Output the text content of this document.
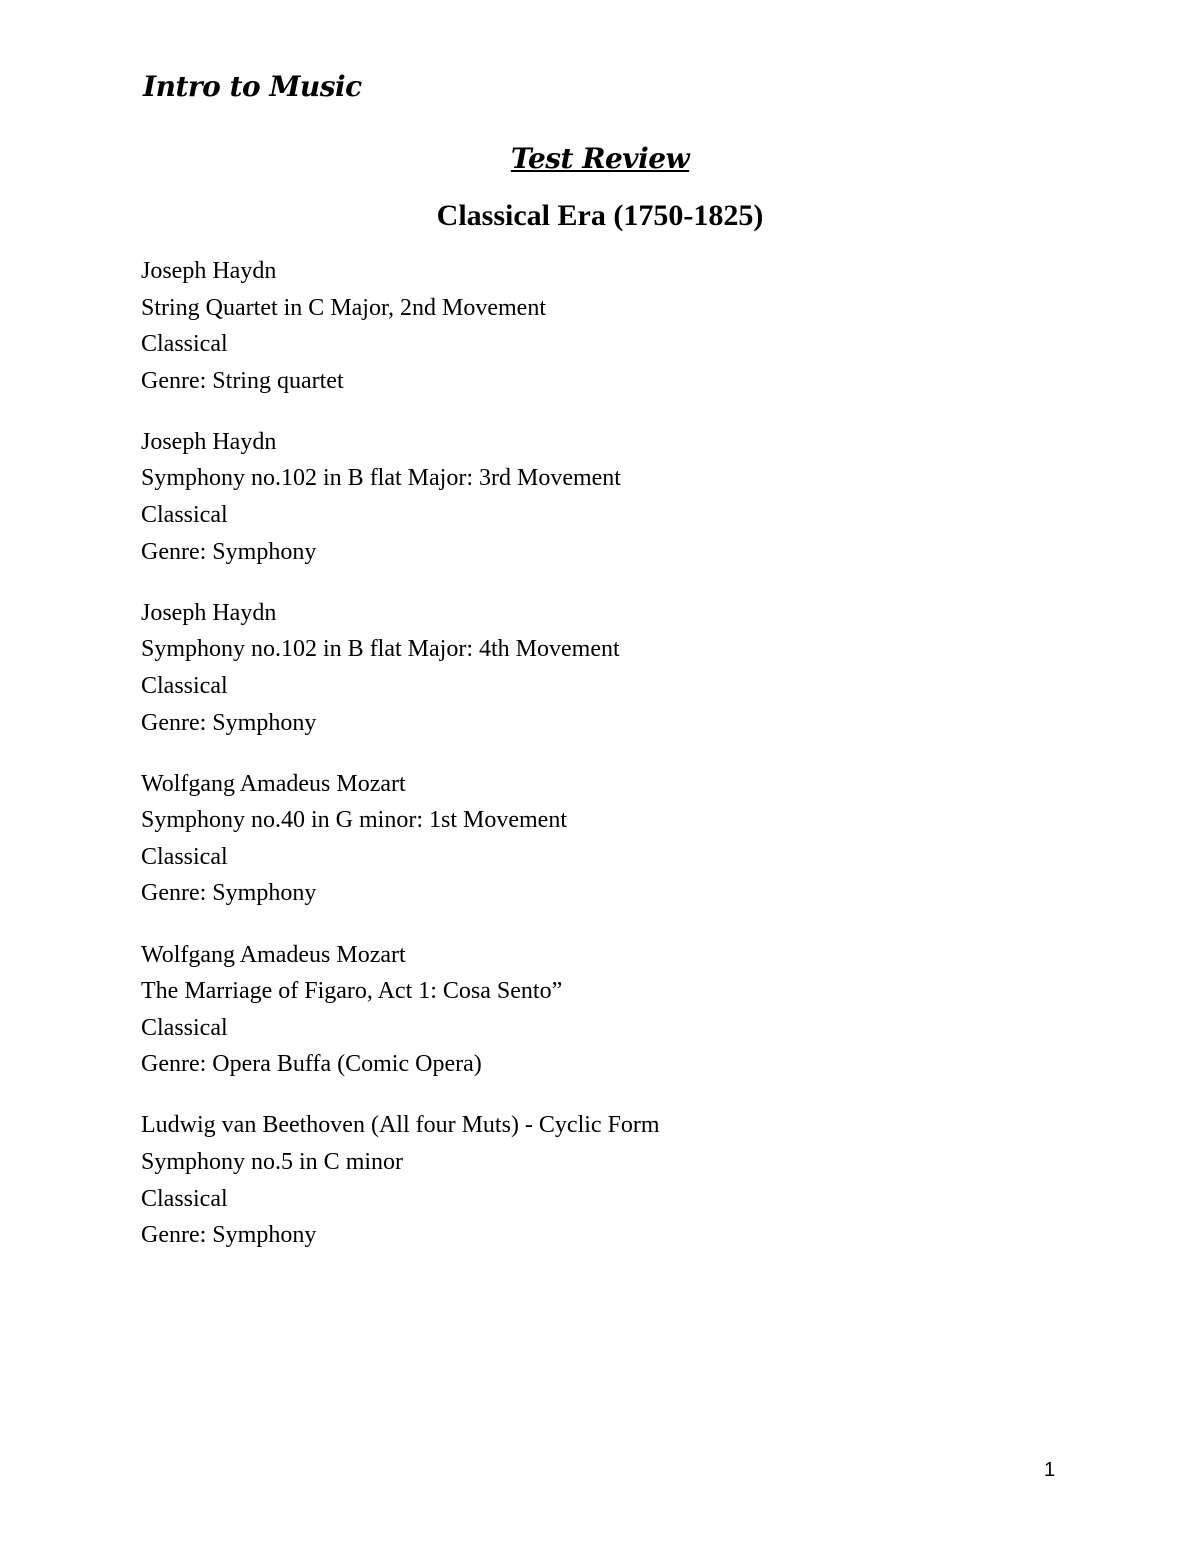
Intro to Music
Test Review
Classical Era (1750-1825)
Joseph Haydn
String Quartet in C Major, 2nd Movement
Classical
Genre: String quartet
Joseph Haydn
Symphony no.102 in B flat Major: 3rd Movement
Classical
Genre: Symphony
Joseph Haydn
Symphony no.102 in B flat Major: 4th Movement
Classical
Genre: Symphony
Wolfgang Amadeus Mozart
Symphony no.40 in G minor: 1st Movement
Classical
Genre: Symphony
Wolfgang Amadeus Mozart
The Marriage of Figaro, Act 1: Cosa Sento”
Classical
Genre: Opera Buffa (Comic Opera)
Ludwig van Beethoven (All four Muts) - Cyclic Form
Symphony no.5 in C minor
Classical
Genre: Symphony
1
